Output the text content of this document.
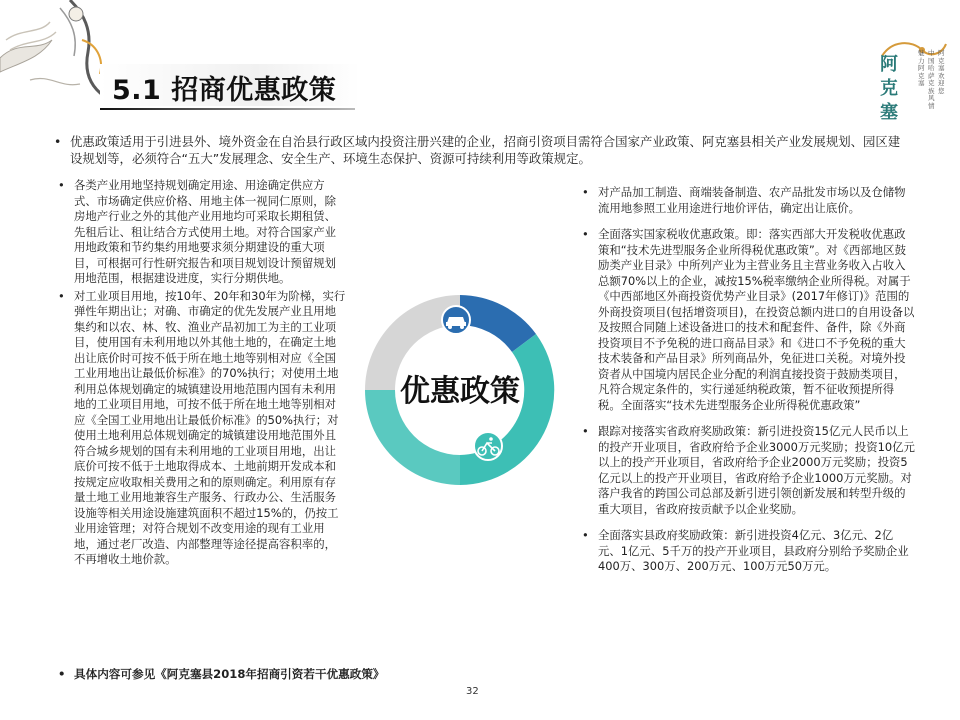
5.1 招商优惠政策
阿
克
塞
魅力阿克塞
中国哈萨克族风情
阿克塞欢迎您
• 优惠政策适用于引进县外、境外资金在自治县行政区域内投资注册兴建的企业，招商引资项目需符合国家产业政策、阿克塞县相关产业发展规划、园区建设规划等，必须符合“五大”发展理念、安全生产、环境生态保护、资源可持续利用等政策规定。
• 各类产业用地坚持规划确定用途、用途确定供应方式、市场确定供应价格、用地主体一视同仁原则，除房地产行业之外的其他产业用地均可采取长期租赁、先租后让、租让结合方式使用土地。对符合国家产业用地政策和节约集约用地要求须分期建设的重大项目，可根据可行性研究报告和项目规划设计预留规划用地范围，根据建设进度，实行分期供地。
• 对工业项目用地，按10年、20年和30年为阶梯，实行弹性年期出让；对确、市确定的优先发展产业且用地集约和以农、林、牧、渔业产品初加工为主的工业项目，使用国有未利用地以外其他土地的，在确定土地出让底价时可按不低于所在地土地等别相对应《全国工业用地出让最低价标准》的70%执行；对使用土地利用总体规划确定的城镇建设用地范围内国有未利用地的工业项目用地，可按不低于所在地土地等别相对应《全国工业用地出让最低价标准》的50%执行；对使用土地利用总体规划确定的城镇建设用地范围外且符合城乡规划的国有未利用地的工业项目用地，出让底价可按不低于土地取得成本、土地前期开发成本和按规定应收取相关费用之和的原则确定。利用原有存量土地工业用地兼容生产服务、行政办公、生活服务设施等相关用途设施建筑面积不超过15%的，仍按工业用途管理；对符合规划不改变用途的现有工业用地，通过老厂改造、内部整理等途径提高容积率的，不再增收土地价款。
• 具体内容可参见《阿克塞县2018年招商引资若干优惠政策》
优惠政策
• 对产品加工制造、商端装备制造、农产品批发市场以及仓储物流用地参照工业用途进行地价评估，确定出让底价。
• 全面落实国家税收优惠政策。即：落实西部大开发税收优惠政策和“技术先进型服务企业所得税优惠政策”。对《西部地区鼓励类产业目录》中所列产业为主营业务且主营业务收入占收入总额70%以上的企业，减按15%税率缴纳企业所得税。对属于《中西部地区外商投资优势产业目录》(2017年修订)》范围的外商投资项目(包括增资项目)，在投资总额内进口的自用设备以及按照合同随上述设备进口的技术和配套件、备件，除《外商投资项目不予免税的进口商品目录》和《进口不予免税的重大技术装备和产品目录》所列商品外，免征进口关税。对境外投资者从中国境内居民企业分配的利润直接投资于鼓励类项目，凡符合规定条件的，实行递延纳税政策，暂不征收预提所得税。全面落实“技术先进型服务企业所得税优惠政策”
• 跟踪对接落实省政府奖励政策：新引进投资15亿元人民币以上的投产开业项目，省政府给予企业3000万元奖励；投资10亿元以上的投产开业项目，省政府给予企业2000万元奖励；投资5亿元以上的投产开业项目，省政府给予企业1000万元奖励。对落户我省的跨国公司总部及新引进引领创新发展和转型升级的重大项目，省政府按贡献予以企业奖励。
• 全面落实县政府奖励政策：新引进投资4亿元、3亿元、2亿元、1亿元、5千万的投产开业项目，县政府分别给予奖励企业400万、300万、200万元、100万元50万元。
32
